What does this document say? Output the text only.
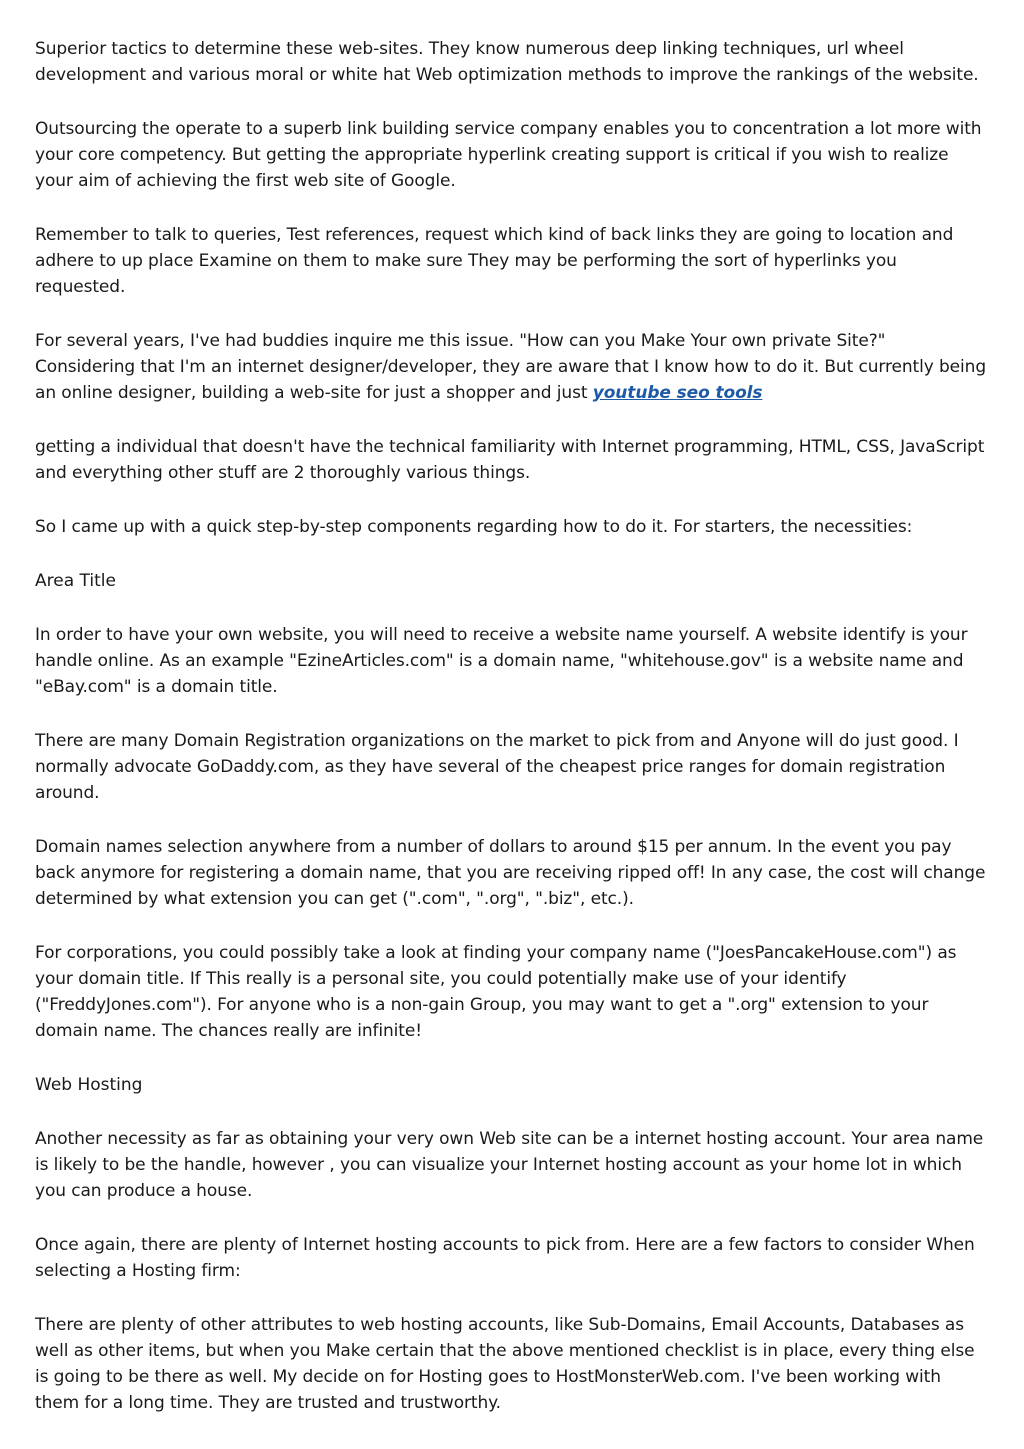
Superior tactics to determine these web-sites. They know numerous deep linking techniques, url wheel development and various moral or white hat Web optimization methods to improve the rankings of the website.

Outsourcing the operate to a superb link building service company enables you to concentration a lot more with your core competency. But getting the appropriate hyperlink creating support is critical if you wish to realize your aim of achieving the first web site of Google.

Remember to talk to queries, Test references, request which kind of back links they are going to location and adhere to up place Examine on them to make sure They may be performing the sort of hyperlinks you requested.

For several years, I've had buddies inquire me this issue. "How can you Make Your own private Site?" Considering that I'm an internet designer/developer, they are aware that I know how to do it. But currently being an online designer, building a web-site for just a shopper and just youtube seo tools

getting a individual that doesn't have the technical familiarity with Internet programming, HTML, CSS, JavaScript and everything other stuff are 2 thoroughly various things.

So I came up with a quick step-by-step components regarding how to do it. For starters, the necessities:

Area Title

In order to have your own website, you will need to receive a website name yourself. A website identify is your handle online. As an example "EzineArticles.com" is a domain name, "whitehouse.gov" is a website name and "eBay.com" is a domain title.

There are many Domain Registration organizations on the market to pick from and Anyone will do just good. I normally advocate GoDaddy.com, as they have several of the cheapest price ranges for domain registration around.

Domain names selection anywhere from a number of dollars to around $15 per annum. In the event you pay back anymore for registering a domain name, that you are receiving ripped off! In any case, the cost will change determined by what extension you can get (".com", ".org", ".biz", etc.).

For corporations, you could possibly take a look at finding your company name ("JoesPancakeHouse.com") as your domain title. If This really is a personal site, you could potentially make use of your identify ("FreddyJones.com"). For anyone who is a non-gain Group, you may want to get a ".org" extension to your domain name. The chances really are infinite!

Web Hosting

Another necessity as far as obtaining your very own Web site can be a internet hosting account. Your area name is likely to be the handle, however , you can visualize your Internet hosting account as your home lot in which you can produce a house.

Once again, there are plenty of Internet hosting accounts to pick from. Here are a few factors to consider When selecting a Hosting firm:

There are plenty of other attributes to web hosting accounts, like Sub-Domains, Email Accounts, Databases as well as other items, but when you Make certain that the above mentioned checklist is in place, every thing else is going to be there as well. My decide on for Hosting goes to HostMonsterWeb.com. I've been working with them for a long time. They are trusted and trustworthy.
